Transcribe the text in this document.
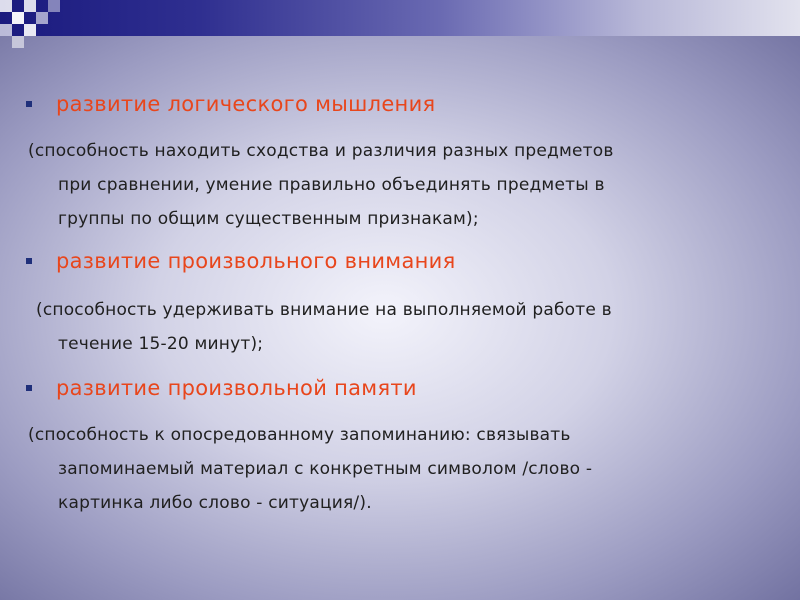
развитие логического мышления
(способность находить сходства и различия разных предметов
при сравнении, умение правильно объединять предметы в
группы по общим существенным признакам);
развитие произвольного внимания
(способность удерживать внимание на выполняемой работе в
течение 15-20 минут);
развитие произвольной памяти
(способность к опосредованному запоминанию: связывать
запоминаемый материал с конкретным символом /слово -
картинка либо слово - ситуация/).
